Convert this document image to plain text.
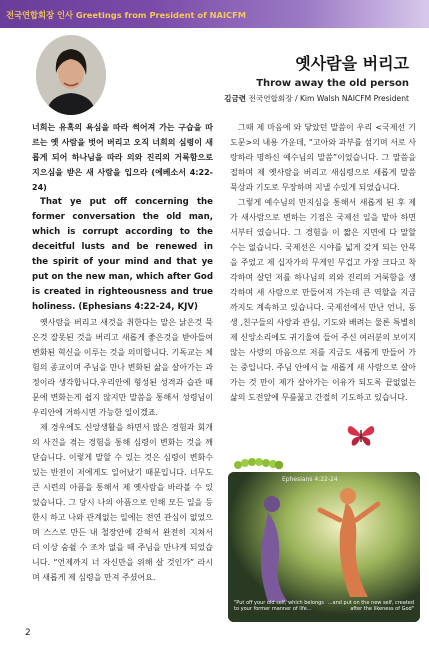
전국연합회장 인사 Greetings from President of NAICFM
옛사람을 버리고
Throw away the old person
김금련 전국연합회장 / Kim Walsh NAICFM President

너희는 유혹의 욕심을 따라 썩어져 가는 구습을 따르는 옛 사람을 벗어 버리고 오직 너희의 심령이 새롭게 되어 하나님을 따라 의와 진리의 거룩함으로 지으심을 받은 새 사람을 입으라 (에베소서 4:22-24)

That ye put off concerning the former conversation the old man, which is corrupt according to the deceitful lusts and be renewed in the spirit of your mind and that ye put on the new man, which after God is created in righteousness and true holiness. (Ephesians 4:22-24, KJV)

옛사람을 버리고 새것을 취한다는 말은 낡은것 묵은것 잘못된 것을 버리고 새롭게 좋은것을 받아들여 변화된 혁신을 이루는 것을 의미합니다. 기독교는 체험의 종교이며 주님을 만나 변화된 삶을 살아가는 과정이라 생각합니다.우리안에 형성된 성격과 습관 때문에 변화는게 쉽지 않지만 말씀을 통해서 성령님이 우리안에 거하시면 가능한 일이겠죠.

제 경우에도 신앙생활을 하면서 많은 경험과 회개의 사건을 겪는 경험을 통해 심령이 변화는 것을 깨닫습니다. 이렇게 말할 수 있는 것은 심령이 변화수있는 반전이 저에게도 일어났기 때문입니다. 너무도 큰 시련의 아픔을 통해서 제 옛사람을 바라볼 수 있었습니다. 그 당시 나의 아픔으로 인해 모든 일을 등한시 하고 나와 관계없는 일에는 전연 관심이 없었으며 스스로 만든 내 철장안에 갇혀서 완전히 지쳐서 더 이상 숨쉴 수 조차 없을 때 주님을 만나게 되었습니다. “언제까지 너 자신만을 위해 살 것인가” 라시며 새롭게 제 심령을 만져 주셨어요.

그때 제 마음에 와 닿았던 말씀이 우리 <국제선 기도문>의 내용 가운데, “고아와 과부를 섬기며 서로 사랑하라 명하신 예수님의 말씀”이었습니다. 그 말씀을 접하며 제 옛사람을 버리고 새심령으로 새롭게 말씀 묵상과 기도로 무장하며 지낼 수있게 되었습니다.

그렇게 예수님의 만지심을 통해서 새롭게 된 후 제가 새사람으로 변하는 기점은 국제선 일을 맡아 하면서부터 였습니다. 그 경험을 이 짧은 지면에 다 말할 수는 없습니다. 국제선은 시야를 넓게 갖게 되는 안목을 주었고 제 십자가의 무게인 무겁고 가장 크다고 착각하며 살던 저를 하나님의 의와 진리의 거룩함을 생각하며 새 사람으로 만들어져 가는데 큰 역할을 지금까지도 계속하고 있습니다. 국제선에서 만난 언니, 동생 ,친구들의 사랑과 관심, 기도와 배려는 물론 특별히 제 신앙소리에도 귀기울여 들어 주신 여러분의 보이지 않는 사랑의 마음으로 저를 지금도 새롭게 만들어 가는 중입니다. 주님 안에서 늘 새롭게 새 사람으로 살아가는 것 만이 제가 살아가는 이유가 되도록 끝없없는 삶의 도전앞에 무릎꿇고 간절히 기도하고 있습니다.

Ephesians 4:22-24
"Put off your old self, which belongs to your former manner of life...
...and put on the new self, created after the likeness of God"
2
